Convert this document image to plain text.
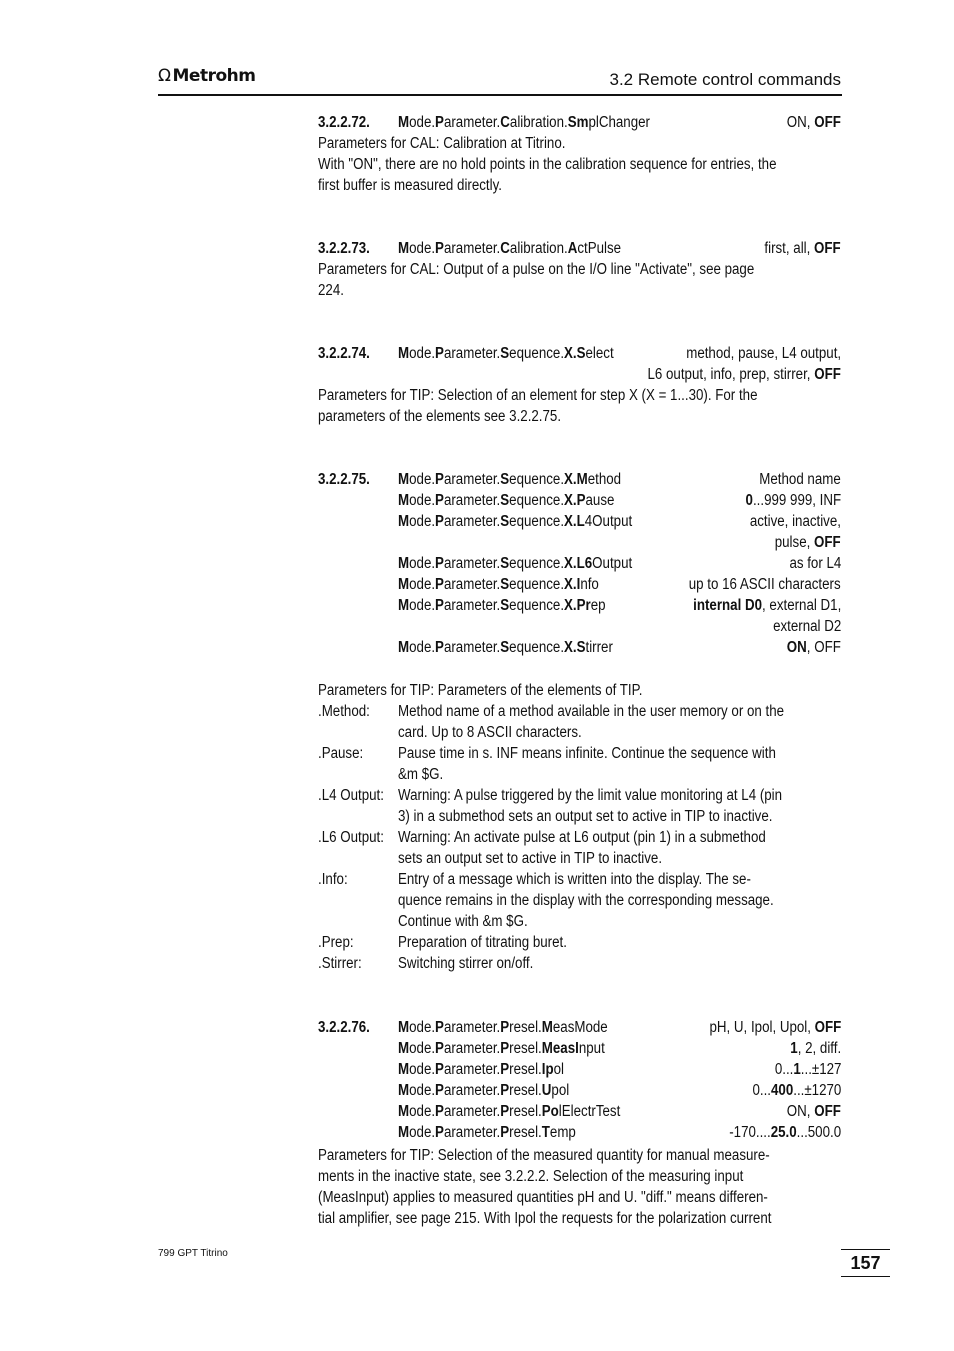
Ω Metrohm	3.2 Remote control commands
3.2.2.72. Mode.Parameter.Calibration.SmplChanger	ON, OFF
Parameters for CAL: Calibration at Titrino.
With "ON", there are no hold points in the calibration sequence for entries, the
first buffer is measured directly.
3.2.2.73. Mode.Parameter.Calibration.ActPulse	first, all, OFF
Parameters for CAL: Output of a pulse on the I/O line "Activate", see page
224.
3.2.2.74. Mode.Parameter.Sequence.X.Select	method, pause, L4 output,
L6 output, info, prep, stirrer, OFF
Parameters for TIP: Selection of an element for step X (X = 1...30). For the
parameters of the elements see 3.2.2.75.
3.2.2.75. Mode.Parameter.Sequence.X.Method	Method name
Mode.Parameter.Sequence.X.Pause	0...999 999, INF
Mode.Parameter.Sequence.X.L4Output	active, inactive,
pulse, OFF
Mode.Parameter.Sequence.X.L6Output	as for L4
Mode.Parameter.Sequence.X.Info	up to 16 ASCII characters
Mode.Parameter.Sequence.X.Prep	internal D0, external D1,
external D2
Mode.Parameter.Sequence.X.Stirrer	ON, OFF
Parameters for TIP: Parameters of the elements of TIP.
.Method: Method name of a method available in the user memory or on the
card. Up to 8 ASCII characters.
.Pause: Pause time in s. INF means infinite. Continue the sequence with
&m $G.
.L4 Output: Warning: A pulse triggered by the limit value monitoring at L4 (pin
3) in a submethod sets an output set to active in TIP to inactive.
.L6 Output: Warning: An activate pulse at L6 output (pin 1) in a submethod
sets an output set to active in TIP to inactive.
.Info:	Entry of a message which is written into the display. The se-
quence remains in the display with the corresponding message.
Continue with &m $G.
.Prep:	Preparation of titrating buret.
.Stirrer: Switching stirrer on/off.
3.2.2.76. Mode.Parameter.Presel.MeasMode	pH, U, Ipol, Upol, OFF
Mode.Parameter.Presel.MeasInput	1, 2, diff.
Mode.Parameter.Presel.Ipol	0...1...±127
Mode.Parameter.Presel.Upol	0...400...±1270
Mode.Parameter.Presel.PolElectrTest	ON, OFF
Mode.Parameter.Presel.Temp	-170....25.0...500.0
Parameters for TIP: Selection of the measured quantity for manual measure-
ments in the inactive state, see 3.2.2.2. Selection of the measuring input
(MeasInput) applies to measured quantities pH and U. "diff." means differen-
tial amplifier, see page 215. With Ipol the requests for the polarization current
799 GPT Titrino	157
